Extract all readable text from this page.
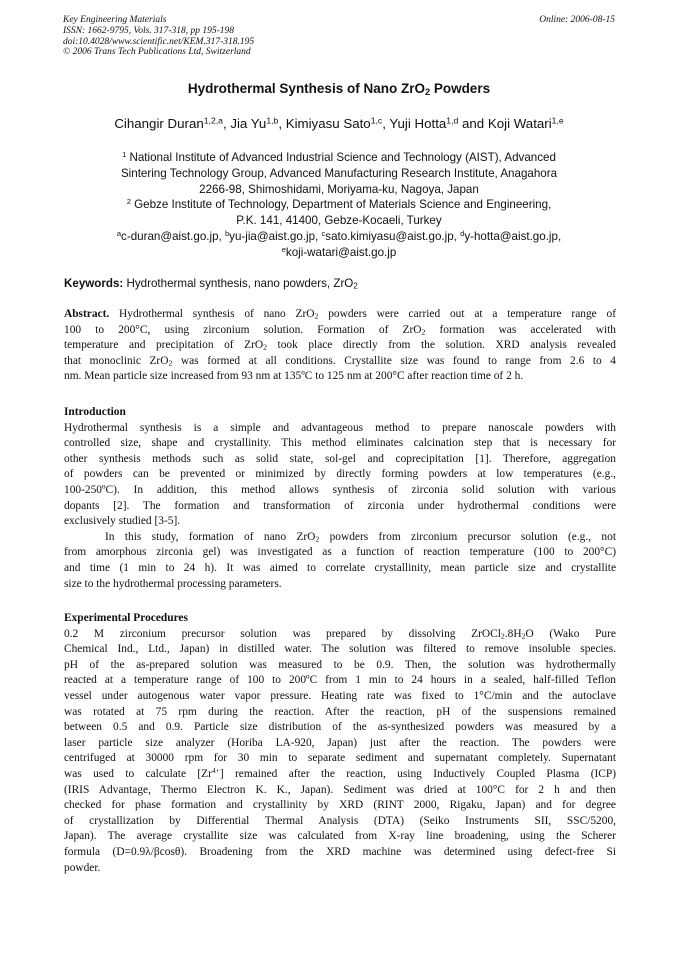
Key Engineering Materials
ISSN: 1662-9795, Vols. 317-318, pp 195-198
doi:10.4028/www.scientific.net/KEM.317-318.195
© 2006 Trans Tech Publications Ltd, Switzerland
Online: 2006-08-15
Hydrothermal Synthesis of Nano ZrO$_2$ Powders
Cihangir Duran$^{1,2,a}$, Jia Yu$^{1,b}$, Kimiyasu Sato$^{1,c}$, Yuji Hotta$^{1,d}$ and Koji Watari$^{1,e}$
$^1$ National Institute of Advanced Industrial Science and Technology (AIST), Advanced
Sintering Technology Group, Advanced Manufacturing Research Institute, Anagahora
2266-98, Shimoshidami, Moriyama-ku, Nagoya, Japan
$^2$ Gebze Institute of Technology, Department of Materials Science and Engineering,
P.K. 141, 41400, Gebze-Kocaeli, Turkey
$^a$c-duran@aist.go.jp, $^b$yu-jia@aist.go.jp, $^c$sato.kimiyasu@aist.go.jp, $^d$y-hotta@aist.go.jp,
$^e$koji-watari@aist.go.jp
Keywords: Hydrothermal synthesis, nano powders, ZrO$_2$
Abstract. Hydrothermal synthesis of nano ZrO$_2$ powders were carried out at a temperature range of
100 to 200°C, using zirconium solution. Formation of ZrO$_2$ formation was accelerated with
temperature and precipitation of ZrO$_2$ took place directly from the solution. XRD analysis revealed
that monoclinic ZrO$_2$ was formed at all conditions. Crystallite size was found to range from 2.6 to 4
nm. Mean particle size increased from 93 nm at 135ºC to 125 nm at 200°C after reaction time of 2 h.
Introduction
Hydrothermal synthesis is a simple and advantageous method to prepare nanoscale powders with
controlled size, shape and crystallinity. This method eliminates calcination step that is necessary for
other synthesis methods such as solid state, sol-gel and coprecipitation [1]. Therefore, aggregation
of powders can be prevented or minimized by directly forming powders at low temperatures (e.g.,
100-250ºC). In addition, this method allows synthesis of zirconia solid solution with various
dopants [2]. The formation and transformation of zirconia under hydrothermal conditions were
exclusively studied [3-5].
In this study, formation of nano ZrO$_2$ powders from zirconium precursor solution (e.g., not
from amorphous zirconia gel) was investigated as a function of reaction temperature (100 to 200°C)
and time (1 min to 24 h). It was aimed to correlate crystallinity, mean particle size and crystallite
size to the hydrothermal processing parameters.
Experimental Procedures
0.2 M zirconium precursor solution was prepared by dissolving $ZrOCl_2.8H_2O$ (Wako Pure
Chemical Ind., Ltd., Japan) in distilled water. The solution was filtered to remove insoluble species.
pH of the as-prepared solution was measured to be 0.9. Then, the solution was hydrothermally
reacted at a temperature range of 100 to 200ºC from 1 min to 24 hours in a sealed, half-filled Teflon
vessel under autogenous water vapor pressure. Heating rate was fixed to 1°C/min and the autoclave
was rotated at 75 rpm during the reaction. After the reaction, pH of the suspensions remained
between 0.5 and 0.9. Particle size distribution of the as-synthesized powders was measured by a
laser particle size analyzer (Horiba LA-920, Japan) just after the reaction. The powders were
centrifuged at 30000 rpm for 30 min to separate sediment and supernatant completely. Supernatant
was used to calculate $[Zr^{4+}]$ remained after the reaction, using Inductively Coupled Plasma (ICP)
(IRIS Advantage, Thermo Electron K. K., Japan). Sediment was dried at 100°C for 2 h and then
checked for phase formation and crystallinity by XRD (RINT 2000, Rigaku, Japan) and for degree
of crystallization by Differential Thermal Analysis (DTA) (Seiko Instruments SII, SSC/5200,
Japan). The average crystallite size was calculated from X-ray line broadening, using the Scherer
formula (D=0.9λ/βcosθ). Broadening from the XRD machine was determined using defect-free Si
powder.
